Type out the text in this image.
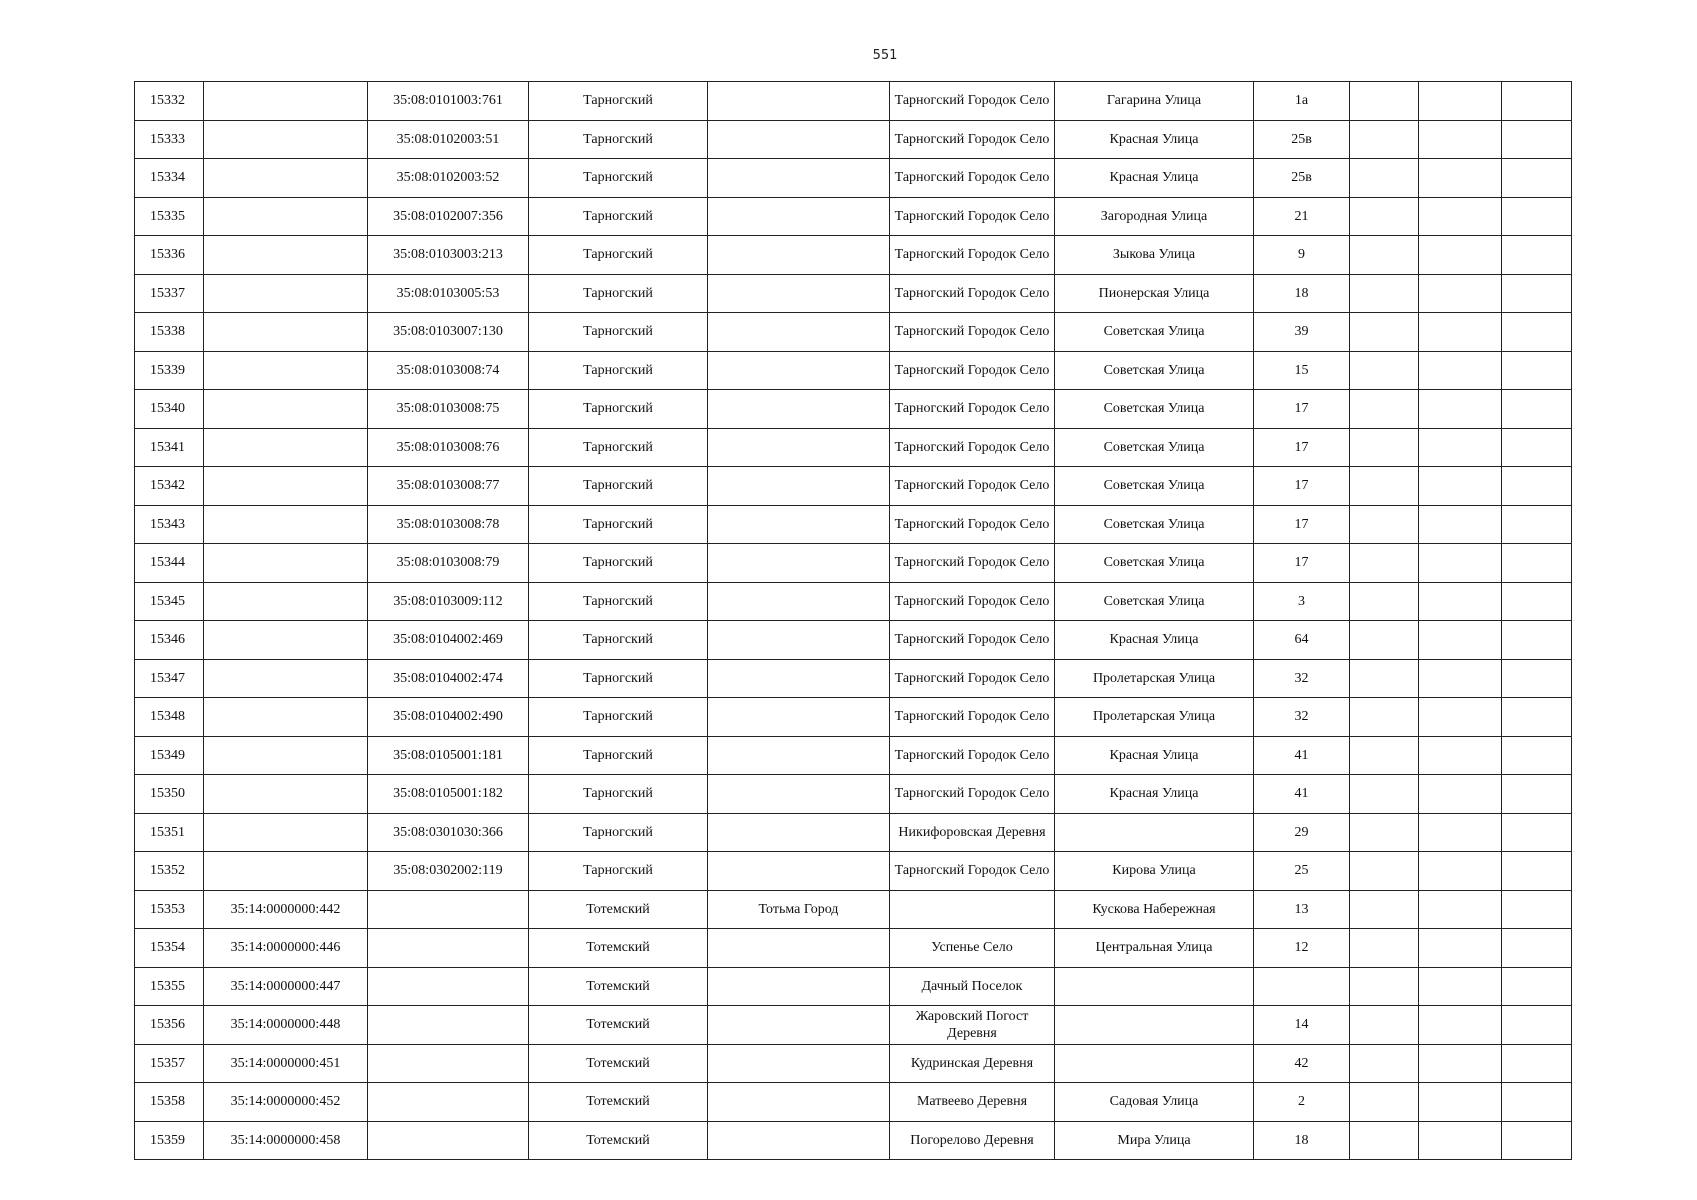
551
15332		35:08:0101003:761	Тарногский		Тарногский Городок Село	Гагарина Улица	1а			
15333		35:08:0102003:51	Тарногский		Тарногский Городок Село	Красная Улица	25в			
15334		35:08:0102003:52	Тарногский		Тарногский Городок Село	Красная Улица	25в			
15335		35:08:0102007:356	Тарногский		Тарногский Городок Село	Загородная Улица	21			
15336		35:08:0103003:213	Тарногский		Тарногский Городок Село	Зыкова Улица	9			
15337		35:08:0103005:53	Тарногский		Тарногский Городок Село	Пионерская Улица	18			
15338		35:08:0103007:130	Тарногский		Тарногский Городок Село	Советская Улица	39			
15339		35:08:0103008:74	Тарногский		Тарногский Городок Село	Советская Улица	15			
15340		35:08:0103008:75	Тарногский		Тарногский Городок Село	Советская Улица	17			
15341		35:08:0103008:76	Тарногский		Тарногский Городок Село	Советская Улица	17			
15342		35:08:0103008:77	Тарногский		Тарногский Городок Село	Советская Улица	17			
15343		35:08:0103008:78	Тарногский		Тарногский Городок Село	Советская Улица	17			
15344		35:08:0103008:79	Тарногский		Тарногский Городок Село	Советская Улица	17			
15345		35:08:0103009:112	Тарногский		Тарногский Городок Село	Советская Улица	3			
15346		35:08:0104002:469	Тарногский		Тарногский Городок Село	Красная Улица	64			
15347		35:08:0104002:474	Тарногский		Тарногский Городок Село	Пролетарская Улица	32			
15348		35:08:0104002:490	Тарногский		Тарногский Городок Село	Пролетарская Улица	32			
15349		35:08:0105001:181	Тарногский		Тарногский Городок Село	Красная Улица	41			
15350		35:08:0105001:182	Тарногский		Тарногский Городок Село	Красная Улица	41			
15351		35:08:0301030:366	Тарногский		Никифоровская Деревня		29			
15352		35:08:0302002:119	Тарногский		Тарногский Городок Село	Кирова Улица	25			
15353	35:14:0000000:442		Тотемский	Тотьма Город		Кускова Набережная	13			
15354	35:14:0000000:446		Тотемский		Успенье Село	Центральная Улица	12			
15355	35:14:0000000:447		Тотемский		Дачный Поселок					
15356	35:14:0000000:448		Тотемский		Жаровский Погост Деревня		14			
15357	35:14:0000000:451		Тотемский		Кудринская Деревня		42			
15358	35:14:0000000:452		Тотемский		Матвеево Деревня	Садовая Улица	2			
15359	35:14:0000000:458		Тотемский		Погорелово Деревня	Мира Улица	18			
